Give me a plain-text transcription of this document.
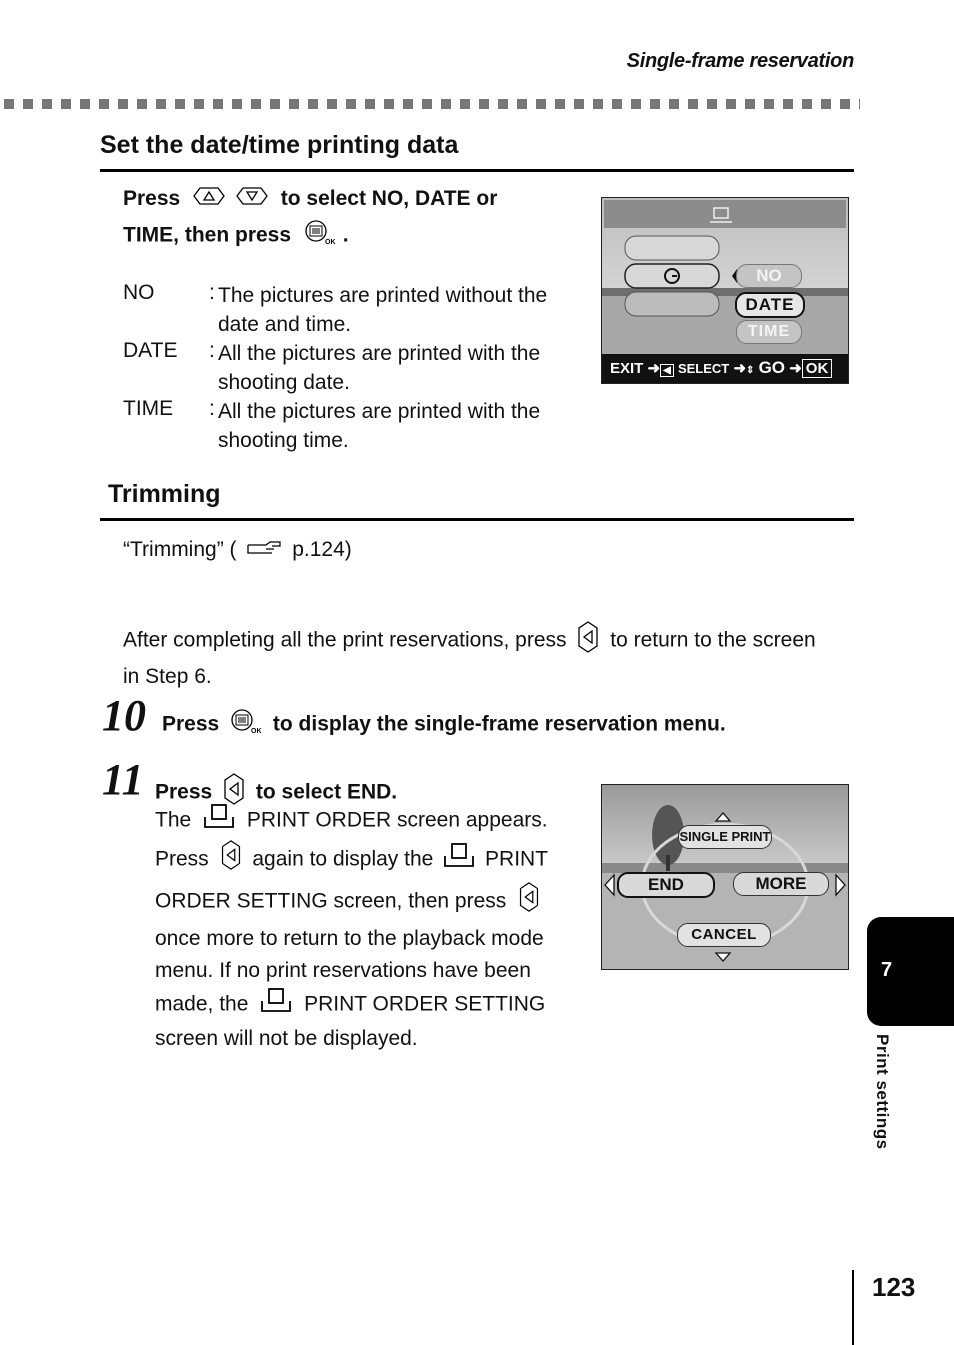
Single-frame reservation
Set the date/time printing data
Press	to select NO, DATE or
TIME, then press	OK .
NO	: The pictures are printed without the
date and time.
DATE : All the pictures are printed with the
shooting date.
TIME : All the pictures are printed with the
shooting time.
NO
DATE
TIME
EXIT ➜ ◀ SELECT ➜⇕ GO ➜ OK
Trimming
“Trimming” (	p.124)
After completing all the print reservations, press to return to the screen
in Step 6.
10 Press	OK to display the single-frame reservation menu.
11 Press to select END.
The	PRINT ORDER screen appears.
Press again to display the PRINT
ORDER SETTING screen, then press
once more to return to the playback mode
menu. If no print reservations have been
made, the	PRINT ORDER SETTING
screen will not be displayed.
SINGLE PRINT
END	MORE
CANCEL
7
Print settings
123
